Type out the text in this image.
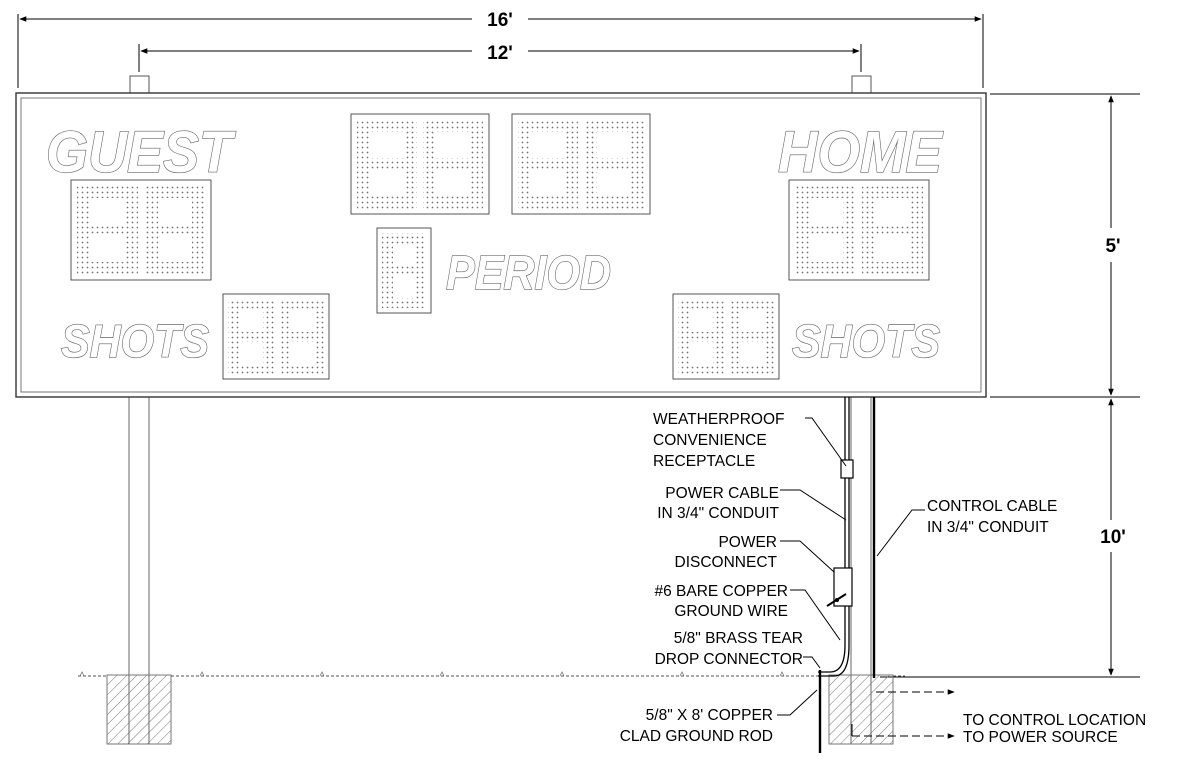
16'
12'
5'
10'
GUEST	HOME
PERIOD
SHOTS	SHOTS
WEATHERPROOF
CONVENIENCE
RECEPTACLE
POWER CABLE
IN 3/4" CONDUIT
POWER
DISCONNECT
#6 BARE COPPER
GROUND WIRE
5/8" BRASS TEAR
DROP CONNECTOR
5/8" X 8' COPPER
CLAD GROUND ROD
CONTROL CABLE
IN 3/4" CONDUIT
TO CONTROL LOCATION
TO POWER SOURCE
